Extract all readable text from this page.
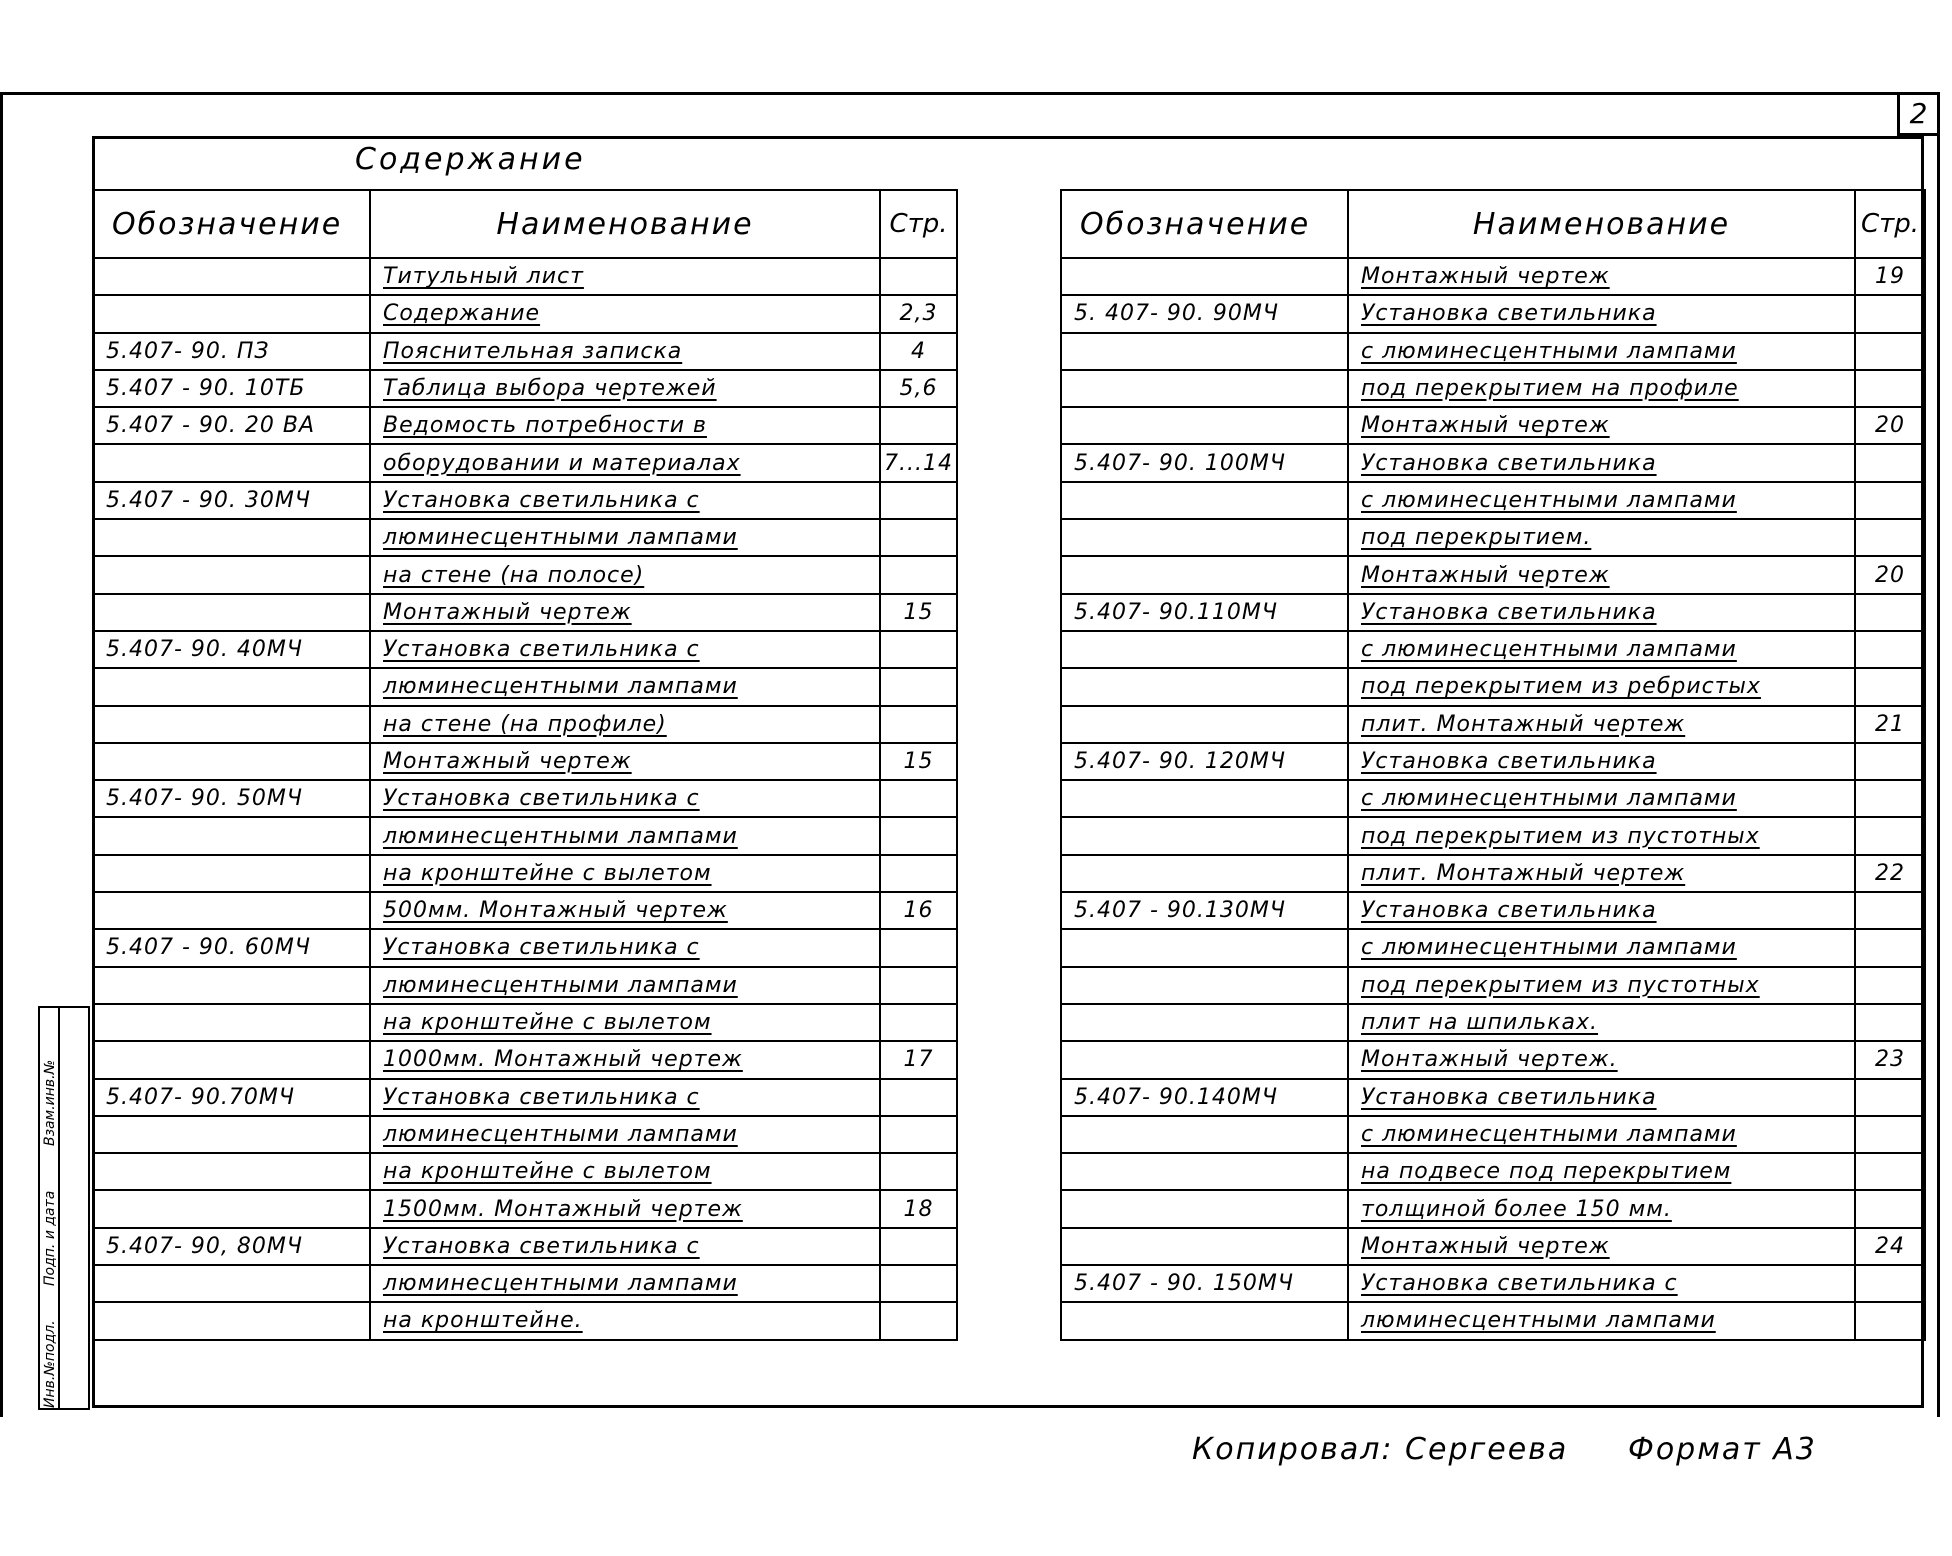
2
Содержание
Обозначение	Наименование	Стр.
	Титульный лист	
	Содержание	2,3
5.407- 90. ПЗ	Пояснительная записка	4
5.407 - 90. 10ТБ	Таблица выбора чертежей	5,6
5.407 - 90. 20 ВА	Ведомость потребности в	
	оборудовании и материалах	7...14
5.407 - 90. 30МЧ	Установка светильника с	
	люминесцентными лампами	
	на стене (на полосе)	
	Монтажный чертеж	15
5.407- 90. 40МЧ	Установка светильника с	
	люминесцентными лампами	
	на стене (на профиле)	
	Монтажный чертеж	15
5.407- 90. 50МЧ	Установка светильника с	
	люминесцентными лампами	
	на кронштейне с вылетом	
	500мм. Монтажный чертеж	16
5.407 - 90. 60МЧ	Установка светильника с	
	люминесцентными лампами	
	на кронштейне с вылетом	
	1000мм. Монтажный чертеж	17
5.407- 90.70МЧ	Установка светильника с	
	люминесцентными лампами	
	на кронштейне с вылетом	
	1500мм. Монтажный чертеж	18
5.407- 90, 80МЧ	Установка светильника с	
	люминесцентными лампами	
	на кронштейне.	
Обозначение	Наименование	Стр.
	Монтажный чертеж	19
5. 407- 90. 90МЧ	Установка светильника	
	с люминесцентными лампами	
	под перекрытием на профиле	
	Монтажный чертеж	20
5.407- 90. 100МЧ	Установка светильника	
	с люминесцентными лампами	
	под перекрытием.	
	Монтажный чертеж	20
5.407- 90.110МЧ	Установка светильника	
	с люминесцентными лампами	
	под перекрытием из ребристых	
	плит. Монтажный чертеж	21
5.407- 90. 120МЧ	Установка светильника	
	с люминесцентными лампами	
	под перекрытием из пустотных	
	плит. Монтажный чертеж	22
5.407 - 90.130МЧ	Установка светильника	
	с люминесцентными лампами	
	под перекрытием из пустотных	
	плит на шпильках.	
	Монтажный чертеж.	23
5.407- 90.140МЧ	Установка светильника	
	с люминесцентными лампами	
	на подвесе под перекрытием	
	толщиной более 150 мм.	
	Монтажный чертеж	24
5.407 - 90. 150МЧ	Установка светильника с	
	люминесцентными лампами	
Взам.инв.№
Подп. и дата
Инв.№подл.
Копировал: Сергеева Формат А3
